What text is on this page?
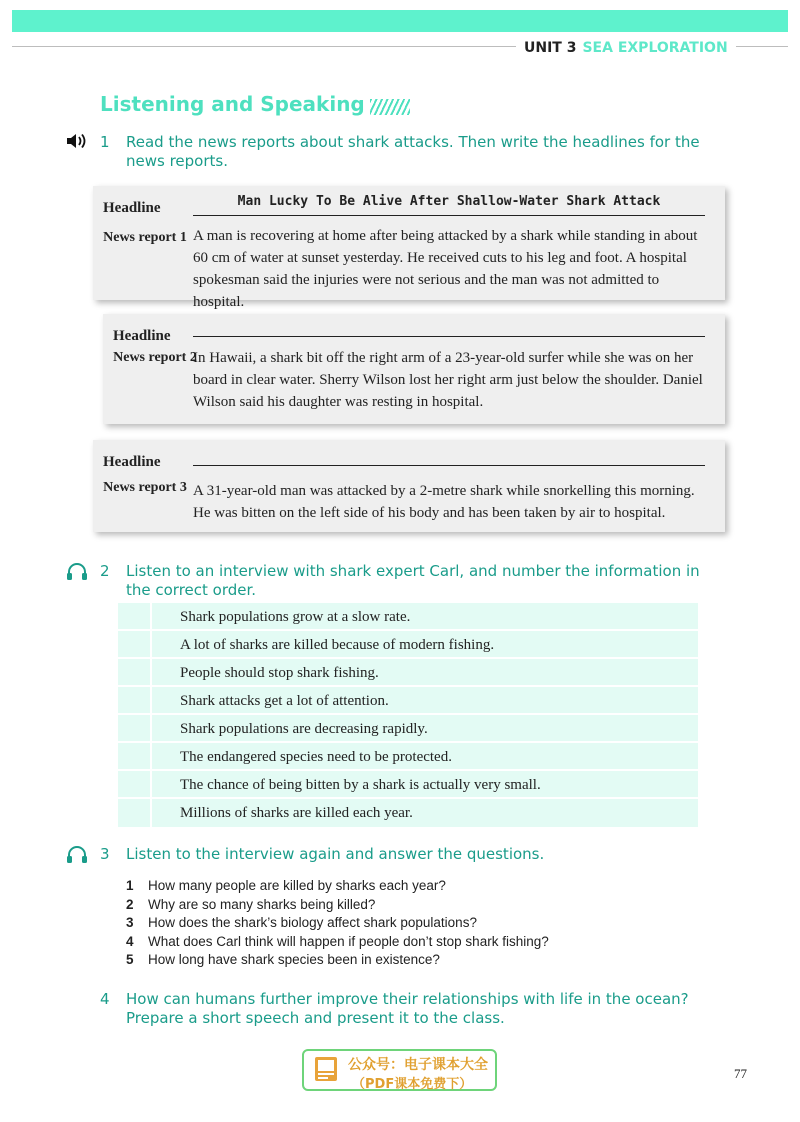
UNIT 3 SEA EXPLORATION
Listening and Speaking
1 Read the news reports about shark attacks. Then write the headlines for the news reports.
Headline	Man Lucky To Be Alive After Shallow-Water Shark Attack
News report 1 A man is recovering at home after being attacked by a shark while standing in about 60 cm of water at sunset yesterday. He received cuts to his leg and foot. A hospital spokesman said the injuries were not serious and the man was not admitted to hospital.
Headline
News report 2
In Hawaii, a shark bit off the right arm of a 23-year-old surfer while she was on her board in clear water. Sherry Wilson lost her right arm just below the shoulder. Daniel Wilson said his daughter was resting in hospital.
Headline
News report 3 A 31-year-old man was attacked by a 2-metre shark while snorkelling this morning. He was bitten on the left side of his body and has been taken by air to hospital.
2 Listen to an interview with shark expert Carl, and number the information in the correct order.
Shark populations grow at a slow rate.
A lot of sharks are killed because of modern fishing.
People should stop shark fishing.
Shark attacks get a lot of attention.
Shark populations are decreasing rapidly.
The endangered species need to be protected.
The chance of being bitten by a shark is actually very small.
Millions of sharks are killed each year.
3 Listen to the interview again and answer the questions.
1	How many people are killed by sharks each year?
2	Why are so many sharks being killed?
3	How does the shark’s biology affect shark populations?
4	What does Carl think will happen if people don’t stop shark fishing?
5	How long have shark species been in existence?
4 How can humans further improve their relationships with life in the ocean? Prepare a short speech and present it to the class.
公众号：电子课本大全
（PDF课本免费下）
77
